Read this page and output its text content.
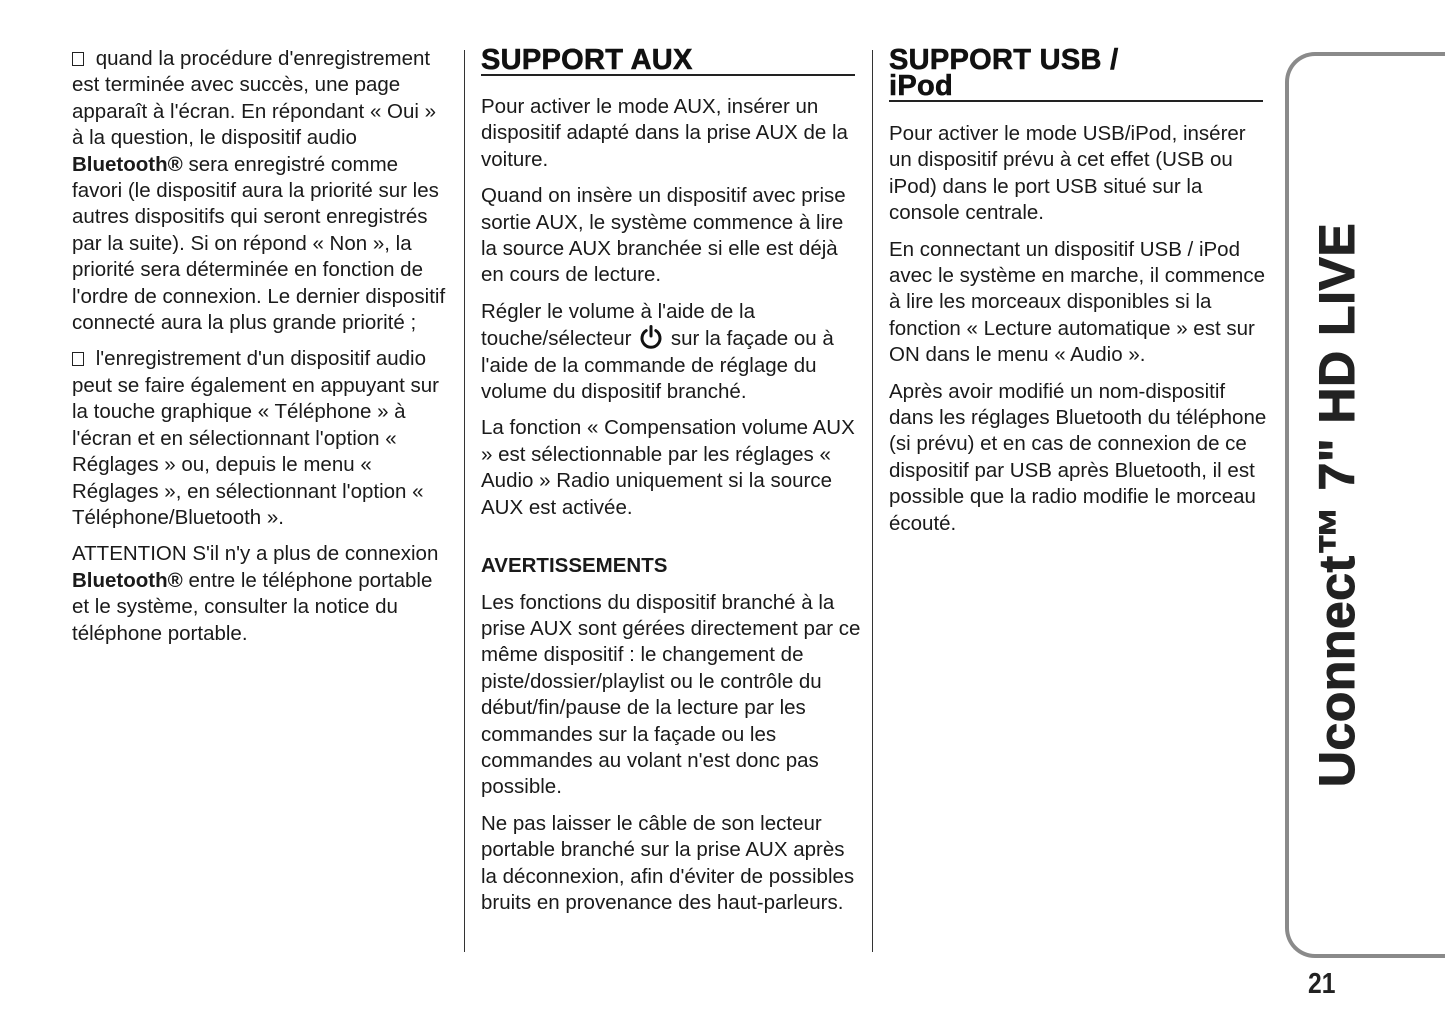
quand la procédure d'enregistrement est terminée avec succès, une page apparaît à l'écran. En répondant « Oui » à la question, le dispositif audio Bluetooth® sera enregistré comme favori (le dispositif aura la priorité sur les autres dispositifs qui seront enregistrés par la suite). Si on répond « Non », la priorité sera déterminée en fonction de l'ordre de connexion. Le dernier dispositif connecté aura la plus grande priorité ;

l'enregistrement d'un dispositif audio peut se faire également en appuyant sur la touche graphique « Téléphone » à l'écran et en sélectionnant l'option « Réglages » ou, depuis le menu « Réglages », en sélectionnant l'option « Téléphone/Bluetooth ».

ATTENTION S'il n'y a plus de connexion Bluetooth® entre le téléphone portable et le système, consulter la notice du téléphone portable.

SUPPORT AUX

Pour activer le mode AUX, insérer un dispositif adapté dans la prise AUX de la voiture.

Quand on insère un dispositif avec prise sortie AUX, le système commence à lire la source AUX branchée si elle est déjà en cours de lecture.

Régler le volume à l'aide de la touche/sélecteur  sur la façade ou à l'aide de la commande de réglage du volume du dispositif branché.

La fonction « Compensation volume AUX » est sélectionnable par les réglages « Audio » Radio uniquement si la source AUX est activée.

AVERTISSEMENTS

Les fonctions du dispositif branché à la prise AUX sont gérées directement par ce même dispositif : le changement de piste/dossier/playlist ou le contrôle du début/fin/pause de la lecture par les commandes sur la façade ou les commandes au volant n'est donc pas possible.

Ne pas laisser le câble de son lecteur portable branché sur la prise AUX après la déconnexion, afin d'éviter de possibles bruits en provenance des haut-parleurs.

SUPPORT USB /
iPod

Pour activer le mode USB/iPod, insérer un dispositif prévu à cet effet (USB ou iPod) dans le port USB situé sur la console centrale.

En connectant un dispositif USB / iPod avec le système en marche, il commence à lire les morceaux disponibles si la fonction « Lecture automatique » est sur ON dans le menu « Audio ».

Après avoir modifié un nom-dispositif dans les réglages Bluetooth du téléphone (si prévu) et en cas de connexion de ce dispositif par USB après Bluetooth, il est possible que la radio modifie le morceau écouté.	Uconnect™ 7" HD LIVE
21
